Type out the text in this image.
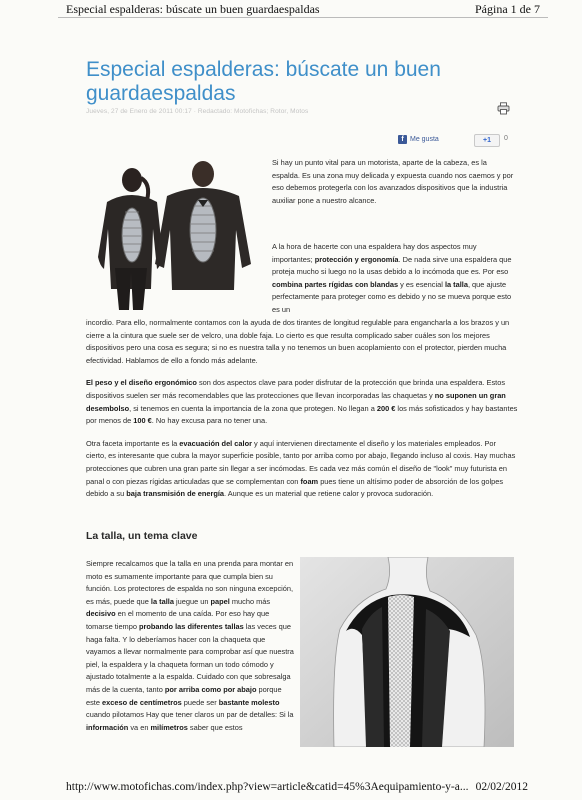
Especial espalderas: búscate un buen guardaespaldas	Página 1 de 7
Especial espalderas: búscate un buen guardaespaldas
Jueves, 27 de Enero de 2011 00:17 · Redactado: Motofichas; Rotor, Motos
f Me gusta	+1	0

Si hay un punto vital para un motorista, aparte de la cabeza, es la espalda. Es una zona muy delicada y expuesta cuando nos caemos y por eso debemos protegerla con los avanzados dispositivos que la industria auxiliar pone a nuestro alcance.

A la hora de hacerte con una espaldera hay dos aspectos muy importantes; protección y ergonomía. De nada sirve una espaldera que proteja mucho si luego no la usas debido a lo incómoda que es. Por eso combina partes rígidas con blandas y es esencial la talla, que ajuste perfectamente para proteger como es debido y no se mueva porque esto es un

incordio. Para ello, normalmente contamos con la ayuda de dos tirantes de longitud regulable para engancharla a los brazos y un cierre a la cintura que suele ser de velcro, una doble faja. Lo cierto es que resulta complicado saber cuáles son los mejores dispositivos pero una cosa es segura; si no es nuestra talla y no tenemos un buen acoplamiento con el protector, pierden mucha efectividad. Hablamos de ello a fondo más adelante.

El peso y el diseño ergonómico son dos aspectos clave para poder disfrutar de la protección que brinda una espaldera. Estos dispositivos suelen ser más recomendables que las protecciones que llevan incorporadas las chaquetas y no suponen un gran desembolso, si tenemos en cuenta la importancia de la zona que protegen. No llegan a 200 € los más sofisticados y hay bastantes por menos de 100 €. No hay excusa para no tener una.

Otra faceta importante es la evacuación del calor y aquí intervienen directamente el diseño y los materiales empleados. Por cierto, es interesante que cubra la mayor superficie posible, tanto por arriba como por abajo, llegando incluso al coxis. Hay muchas protecciones que cubren una gran parte sin llegar a ser incómodas. Es cada vez más común el diseño de "look" muy futurista en panal o con piezas rígidas articuladas que se complementan con foam pues tiene un altísimo poder de absorción de los golpes debido a su baja transmisión de energía. Aunque es un material que retiene calor y provoca sudoración.

La talla, un tema clave

Siempre recalcamos que la talla en una prenda para montar en moto es sumamente importante para que cumpla bien su función. Los protectores de espalda no son ninguna excepción, es más, puede que la talla juegue un papel mucho más decisivo en el momento de una caída. Por eso hay que tomarse tiempo probando las diferentes tallas las veces que haga falta. Y lo deberíamos hacer con la chaqueta que vayamos a llevar normalmente para comprobar así que nuestra piel, la espaldera y la chaqueta forman un todo cómodo y ajustado totalmente a la espalda. Cuidado con que sobresalga más de la cuenta, tanto por arriba como por abajo porque este exceso de centímetros puede ser bastante molesto cuando pilotamos Hay que tener claros un par de detalles: Si la información va en milímetros saber que estos

http://www.motofichas.com/index.php?view=article&catid=45%3Aequipamiento-y-a... 02/02/2012
